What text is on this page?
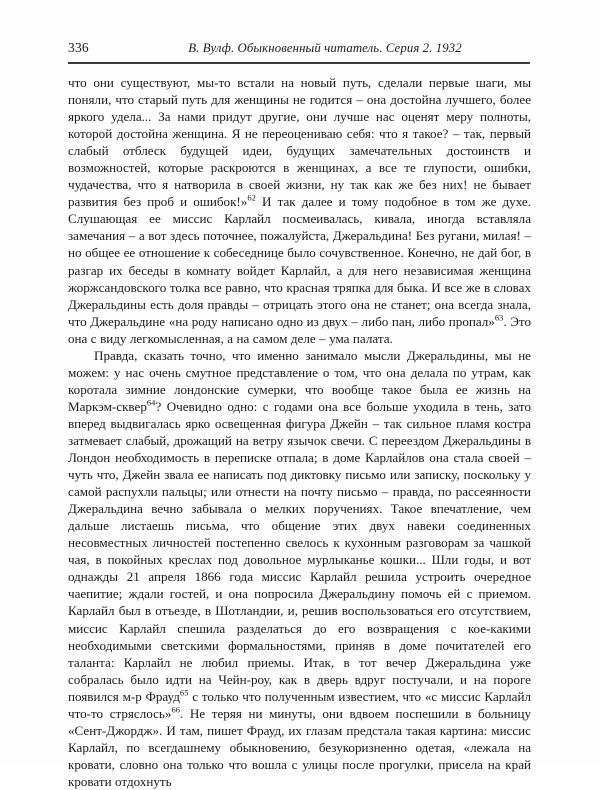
336	В. Вулф. Обыкновенный читатель. Серия 2. 1932

что они существуют, мы-то встали на новый путь, сделали первые шаги, мы поняли, что старый путь для женщины не годится – она достойна лучшего, более яркого удела... За нами придут другие, они лучше нас оценят меру полноты, которой достойна женщина. Я не переоцениваю себя: что я такое? – так, первый слабый отблеск будущей идеи, будущих замечательных достоинств и возможностей, которые раскроются в женщинах, а все те глупости, ошибки, чудачества, что я натворила в своей жизни, ну так как же без них! не бывает развития без проб и ошибок!»$^{62}$ И так далее и тому подобное в том же духе. Слушающая ее миссис Карлайл посмеивалась, кивала, иногда вставляла замечания – а вот здесь поточнее, пожалуйста, Джеральдина! Без ругани, милая! – но общее ее отношение к собеседнице было сочувственное. Конечно, не дай бог, в разгар их беседы в комнату войдет Карлайл, а для него независимая женщина жоржсандовского толка все равно, что красная тряпка для быка. И все же в словах Джеральдины есть доля правды – отрицать этого она не станет; она всегда знала, что Джеральдине «на роду написано одно из двух – либо пан, либо пропал»$^{63}$. Это она с виду легкомысленная, а на самом деле – ума палата.

Правда, сказать точно, что именно занимало мысли Джеральдины, мы не можем: у нас очень смутное представление о том, что она делала по утрам, как коротала зимние лондонские сумерки, что вообще такое была ее жизнь на Маркэм-сквер$^{64}$? Очевидно одно: с годами она все больше уходила в тень, зато вперед выдвигалась ярко освещенная фигура Джейн – так сильное пламя костра затмевает слабый, дрожащий на ветру язычок свечи. С переездом Джеральдины в Лондон необходимость в переписке отпала; в доме Карлайлов она стала своей – чуть что, Джейн звала ее написать под диктовку письмо или записку, поскольку у самой распухли пальцы; или отнести на почту письмо – правда, по рассеянности Джеральдина вечно забывала о мелких поручениях. Такое впечатление, чем дальше листаешь письма, что общение этих двух навеки соединенных несовместных личностей постепенно свелось к кухонным разговорам за чашкой чая, в покойных креслах под довольное мурлыканье кошки... Шли годы, и вот однажды 21 апреля 1866 года миссис Карлайл решила устроить очередное чаепитие; ждали гостей, и она попросила Джеральдину помочь ей с приемом. Карлайл был в отъезде, в Шотландии, и, решив воспользоваться его отсутствием, миссис Карлайл спешила разделаться до его возвращения с кое-какими необходимыми светскими формальностями, приняв в доме почитателей его таланта: Карлайл не любил приемы. Итак, в тот вечер Джеральдина уже собралась было идти на Чейн-роу, как в дверь вдруг постучали, и на пороге появился м-р Фрауд$^{65}$ с только что полученным известием, что «с миссис Карлайл что-то стряслось»$^{66}$. Не теряя ни минуты, они вдвоем поспешили в больницу «Сент-Джордж». И там, пишет Фрауд, их глазам предстала такая картина: миссис Карлайл, по всегдашнему обыкновению, безукоризненно одетая, «лежала на кровати, словно она только что вошла с улицы после прогулки, присела на край кровати отдохнуть
